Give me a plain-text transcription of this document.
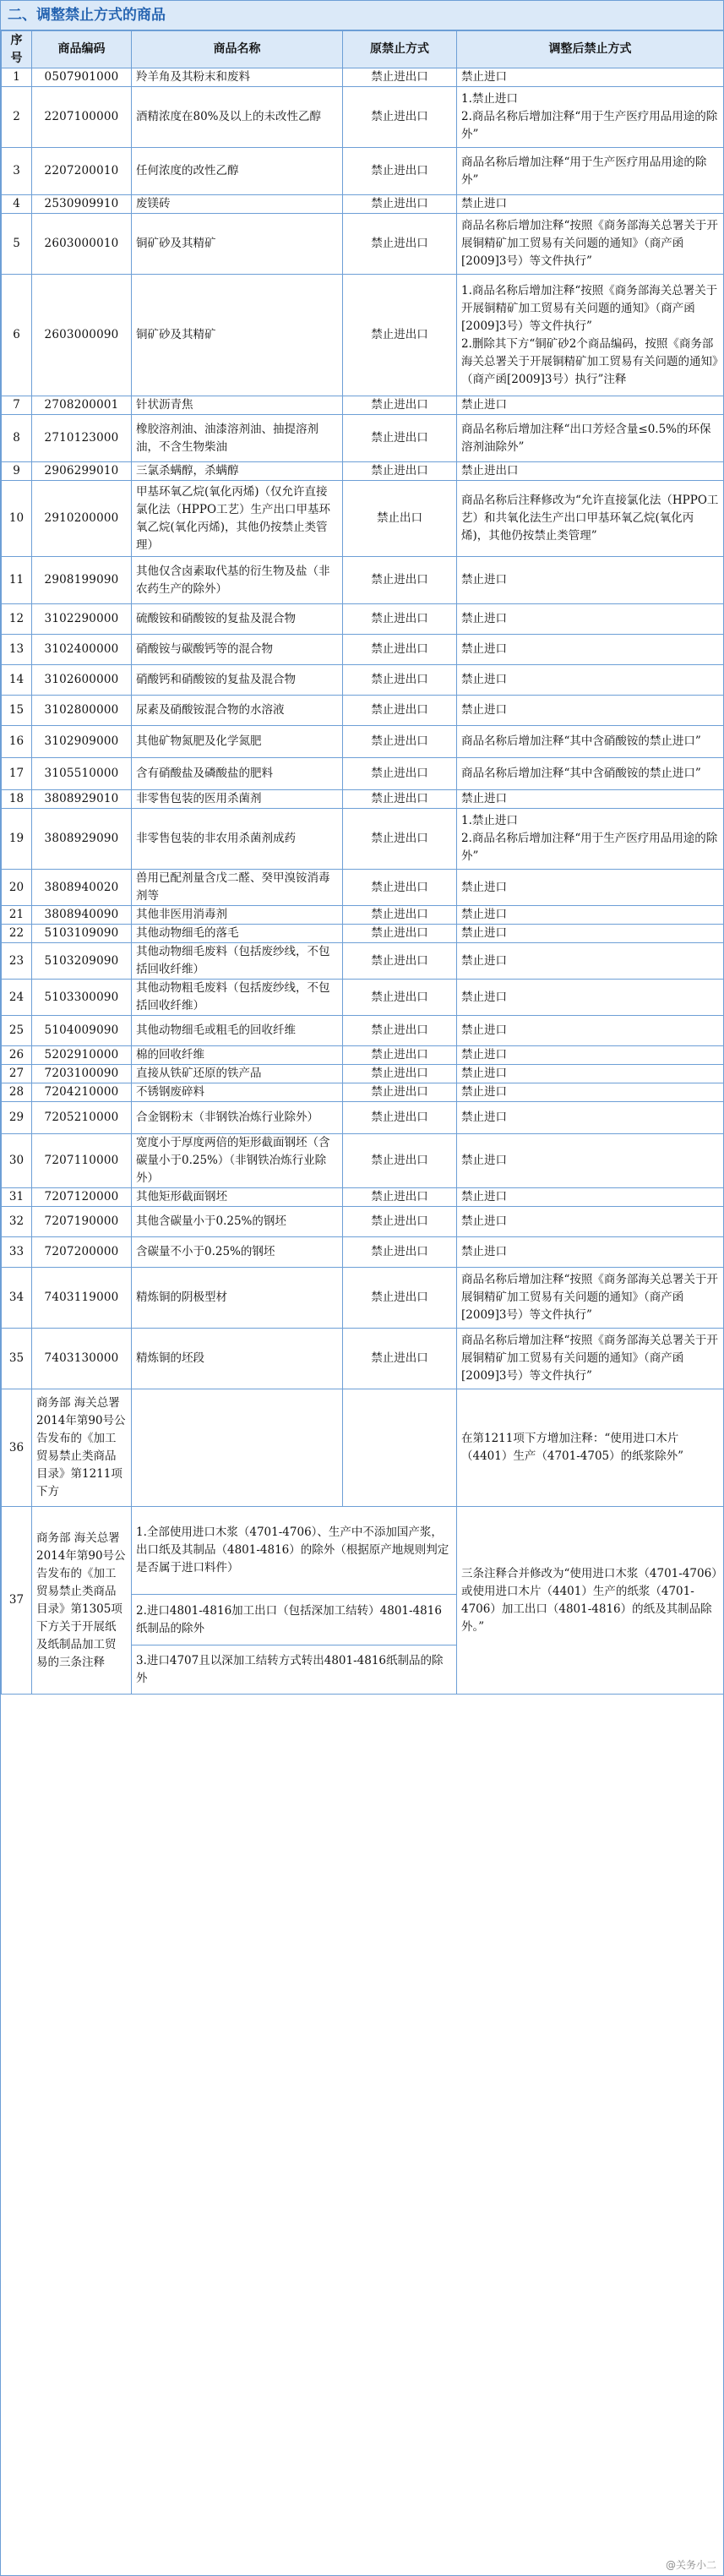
二、调整禁止方式的商品
序号	商品编码	商品名称	原禁止方式	调整后禁止方式
1	0507901000	羚羊角及其粉末和废料	禁止进出口	禁止进口
2	2207100000	酒精浓度在80%及以上的未改性乙醇	禁止进出口	1.禁止进口
2.商品名称后增加注释“用于生产医疗用品用途的除外”
3	2207200010	任何浓度的改性乙醇	禁止进出口	商品名称后增加注释“用于生产医疗用品用途的除外”
4	2530909910	废镁砖	禁止进出口	禁止进口
5	2603000010	铜矿砂及其精矿	禁止进出口	商品名称后增加注释“按照《商务部海关总署关于开展铜精矿加工贸易有关问题的通知》（商产函[2009]3号）等文件执行”
6	2603000090	铜矿砂及其精矿	禁止进出口	1.商品名称后增加注释“按照《商务部海关总署关于开展铜精矿加工贸易有关问题的通知》（商产函[2009]3号）等文件执行”
2.删除其下方“铜矿砂2个商品编码，按照《商务部海关总署关于开展铜精矿加工贸易有关问题的通知》（商产函[2009]3号）执行”注释
7	2708200001	针状沥青焦	禁止进出口	禁止进口
8	2710123000	橡胶溶剂油、油漆溶剂油、抽提溶剂油，不含生物柴油	禁止进出口	商品名称后增加注释“出口芳烃含量≤0.5%的环保溶剂油除外”
9	2906299010	三氯杀螨醇，杀螨醇	禁止进出口	禁止进出口
10	2910200000	甲基环氧乙烷(氧化丙烯)（仅允许直接氯化法（HPPO工艺）生产出口甲基环氧乙烷(氧化丙烯)，其他仍按禁止类管理）	禁止出口	商品名称后注释修改为“允许直接氯化法（HPPO工艺）和共氧化法生产出口甲基环氧乙烷(氧化丙烯)，其他仍按禁止类管理”
11	2908199090	其他仅含卤素取代基的衍生物及盐（非农药生产的除外）	禁止进出口	禁止进口
12	3102290000	硫酸铵和硝酸铵的复盐及混合物	禁止进出口	禁止进口
13	3102400000	硝酸铵与碳酸钙等的混合物	禁止进出口	禁止进口
14	3102600000	硝酸钙和硝酸铵的复盐及混合物	禁止进出口	禁止进口
15	3102800000	尿素及硝酸铵混合物的水溶液	禁止进出口	禁止进口
16	3102909000	其他矿物氮肥及化学氮肥	禁止进出口	商品名称后增加注释“其中含硝酸铵的禁止进口”
17	3105510000	含有硝酸盐及磷酸盐的肥料	禁止进出口	商品名称后增加注释“其中含硝酸铵的禁止进口”
18	3808929010	非零售包装的医用杀菌剂	禁止进出口	禁止进口
19	3808929090	非零售包装的非农用杀菌剂成药	禁止进出口	1.禁止进口
2.商品名称后增加注释“用于生产医疗用品用途的除外”
20	3808940020	兽用已配剂量含戊二醛、癸甲溴铵消毒剂等	禁止进出口	禁止进口
21	3808940090	其他非医用消毒剂	禁止进出口	禁止进口
22	5103109090	其他动物细毛的落毛	禁止进出口	禁止进口
23	5103209090	其他动物细毛废料（包括废纱线，不包括回收纤维）	禁止进出口	禁止进口
24	5103300090	其他动物粗毛废料（包括废纱线，不包括回收纤维）	禁止进出口	禁止进口
25	5104009090	其他动物细毛或粗毛的回收纤维	禁止进出口	禁止进口
26	5202910000	棉的回收纤维	禁止进出口	禁止进口
27	7203100090	直接从铁矿还原的铁产品	禁止进出口	禁止进口
28	7204210000	不锈钢废碎料	禁止进出口	禁止进口
29	7205210000	合金钢粉末（非钢铁冶炼行业除外）	禁止进出口	禁止进口
30	7207110000	宽度小于厚度两倍的矩形截面钢坯（含碳量小于0.25%）（非钢铁冶炼行业除外）	禁止进出口	禁止进口
31	7207120000	其他矩形截面钢坯	禁止进出口	禁止进口
32	7207190000	其他含碳量小于0.25%的钢坯	禁止进出口	禁止进口
33	7207200000	含碳量不小于0.25%的钢坯	禁止进出口	禁止进口
34	7403119000	精炼铜的阴极型材	禁止进出口	商品名称后增加注释“按照《商务部海关总署关于开展铜精矿加工贸易有关问题的通知》（商产函[2009]3号）等文件执行”
35	7403130000	精炼铜的坯段	禁止进出口	商品名称后增加注释“按照《商务部海关总署关于开展铜精矿加工贸易有关问题的通知》（商产函[2009]3号）等文件执行”
36	商务部 海关总署2014年第90号公告发布的《加工贸易禁止类商品目录》第1211项下方			在第1211项下方增加注释：“使用进口木片（4401）生产（4701-4705）的纸浆除外”
37	商务部 海关总署2014年第90号公告发布的《加工贸易禁止类商品目录》第1305项下方关于开展纸及纸制品加工贸易的三条注释	1.全部使用进口木浆（4701-4706）、生产中不添加国产浆，出口纸及其制品（4801-4816）的除外（根据原产地规则判定是否属于进口料件）		三条注释合并修改为“使用进口木浆（4701-4706）或使用进口木片（4401）生产的纸浆（4701-4706）加工出口（4801-4816）的纸及其制品除外。”
		2.进口4801-4816加工出口（包括深加工结转）4801-4816纸制品的除外		
		3.进口4707且以深加工结转方式转出4801-4816纸制品的除外		
@关务小二
